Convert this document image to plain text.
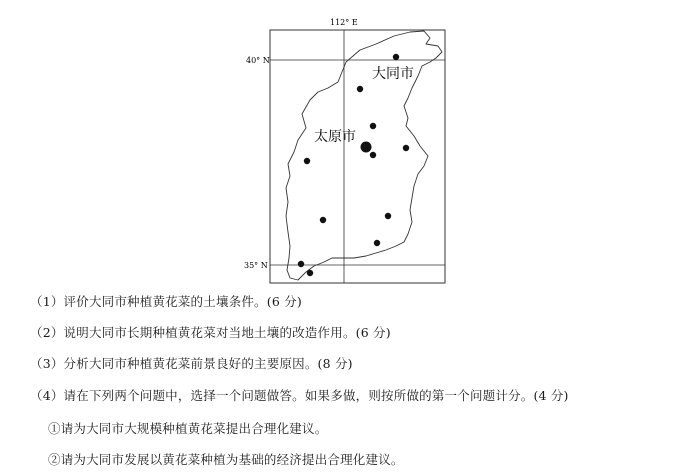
112° E
40° N
35° N
大同市
太原市
（1）评价大同市种植黄花菜的土壤条件。(6 分)
（2）说明大同市长期种植黄花菜对当地土壤的改造作用。(6 分)
（3）分析大同市种植黄花菜前景良好的主要原因。(8 分)
（4）请在下列两个问题中，选择一个问题做答。如果多做，则按所做的第一个问题计分。(4 分)
①请为大同市大规模种植黄花菜提出合理化建议。
②请为大同市发展以黄花菜种植为基础的经济提出合理化建议。
